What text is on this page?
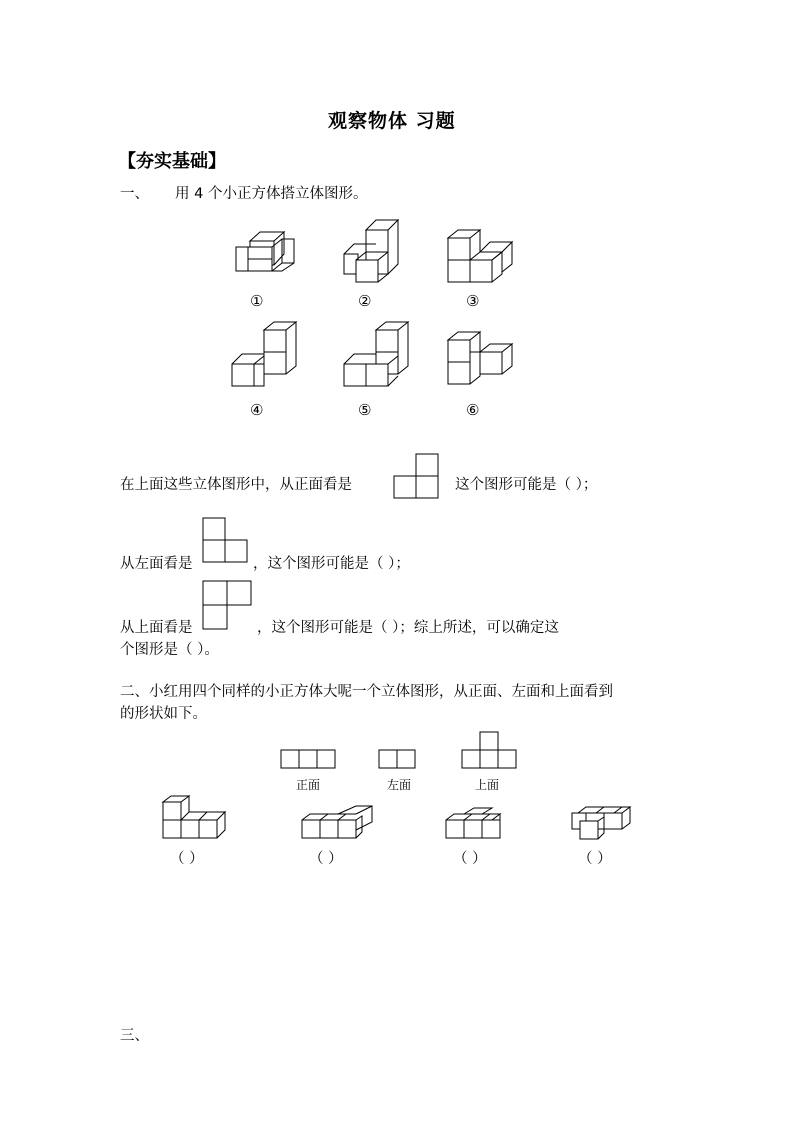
观察物体 习题
【夯实基础】
一、 用 4 个小正方体搭立体图形。
①	②	③
④	⑤	⑥
在上面这些立体图形中，从正面看是	这个图形可能是（ ）；
从左面看是	，这个图形可能是（ ）；
从上面看是	，这个图形可能是（ ）；综上所述，可以确定这
个图形是（ ）。
二、小红用四个同样的小正方体大呢一个立体图形，从正面、左面和上面看到
的形状如下。
正面	左面	上面
（ ）	（ ）	（ ）	（ ）
三、
